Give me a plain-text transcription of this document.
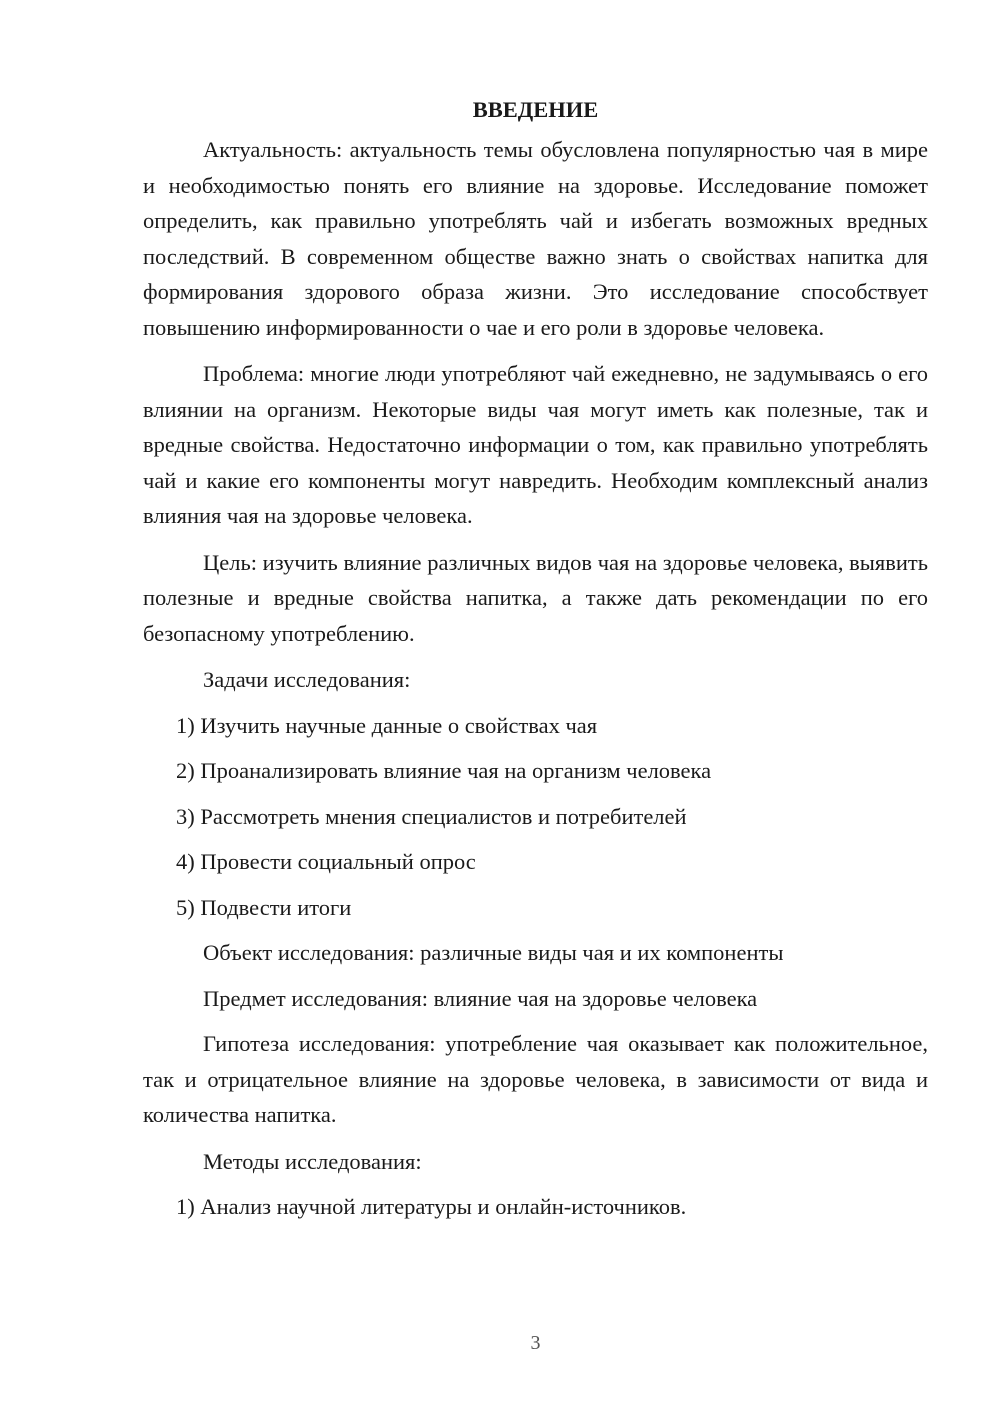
ВВЕДЕНИЕ

Актуальность: актуальность темы обусловлена популярностью чая в мире и необходимостью понять его влияние на здоровье. Исследование поможет определить, как правильно употреблять чай и избегать возможных вредных последствий. В современном обществе важно знать о свойствах напитка для формирования здорового образа жизни. Это исследование способствует повышению информированности о чае и его роли в здоровье человека.

Проблема: многие люди употребляют чай ежедневно, не задумываясь о его влиянии на организм. Некоторые виды чая могут иметь как полезные, так и вредные свойства. Недостаточно информации о том, как правильно употреблять чай и какие его компоненты могут навредить. Необходим комплексный анализ влияния чая на здоровье человека.

Цель: изучить влияние различных видов чая на здоровье человека, выявить полезные и вредные свойства напитка, а также дать рекомендации по его безопасному употреблению.

Задачи исследования:
1) Изучить научные данные о свойствах чая
2) Проанализировать влияние чая на организм человека
3) Рассмотреть мнения специалистов и потребителей
4) Провести социальный опрос
5) Подвести итоги
Объект исследования: различные виды чая и их компоненты
Предмет исследования: влияние чая на здоровье человека

Гипотеза исследования: употребление чая оказывает как положительное, так и отрицательное влияние на здоровье человека, в зависимости от вида и количества напитка.

Методы исследования:
1) Анализ научной литературы и онлайн-источников.
3
